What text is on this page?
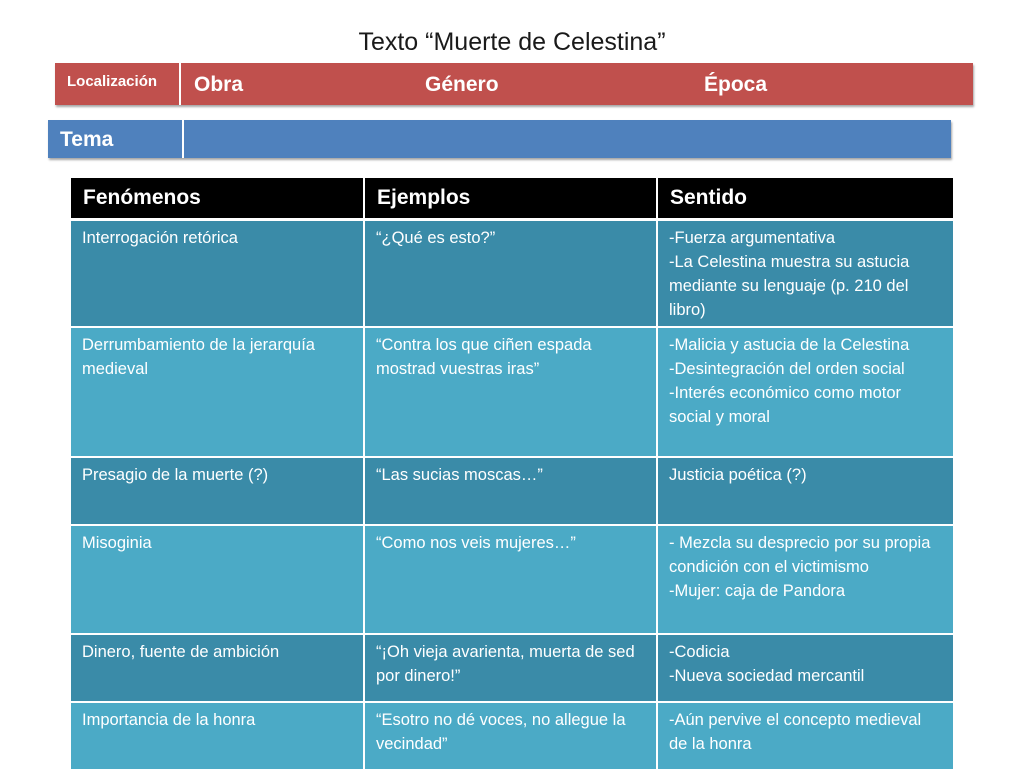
Texto “Muerte de Celestina”
Localización	Obra	Género	Época
Tema
Fenómenos	Ejemplos	Sentido
Interrogación retórica	“¿Qué es esto?”	-Fuerza argumentativa
-La Celestina muestra su astucia mediante su lenguaje (p. 210 del libro)

Derrumbamiento de la jerarquía medieval	“Contra los que ciñen espada mostrad vuestras iras”	-Malicia y astucia de la Celestina
-Desintegración del orden social
-Interés económico como motor social y moral

Presagio de la muerte (?)	“Las sucias moscas…”	Justicia poética (?)

Misoginia	“Como nos veis mujeres…”	- Mezcla su desprecio por su propia condición con el victimismo
-Mujer: caja de Pandora

Dinero, fuente de ambición	“¡Oh vieja avarienta, muerta de sed por dinero!”	-Codicia
-Nueva sociedad mercantil

Importancia de la honra	“Esotro no dé voces, no allegue la vecindad”	-Aún pervive el concepto medieval de la honra
